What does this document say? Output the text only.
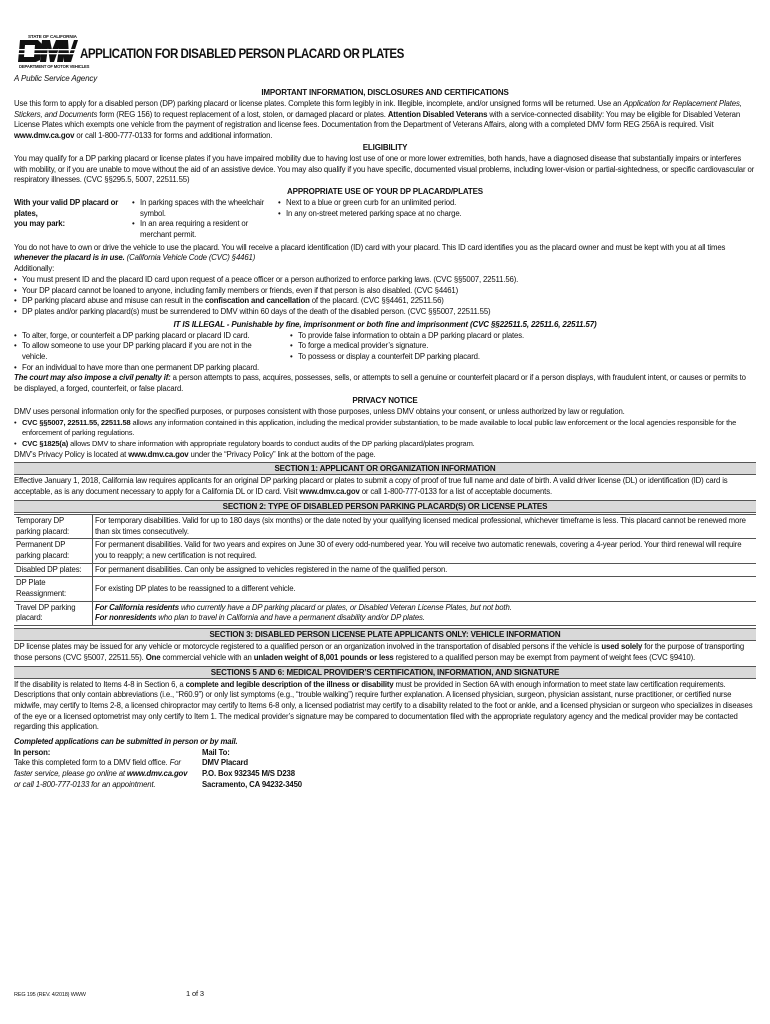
STATE OF CALIFORNIA
DEPARTMENT OF MOTOR VEHICLES
APPLICATION FOR DISABLED PERSON PLACARD OR PLATES
A Public Service Agency
IMPORTANT INFORMATION, DISCLOSURES AND CERTIFICATIONS

Use this form to apply for a disabled person (DP) parking placard or license plates. Complete this form legibly in ink. Illegible, incomplete, and/or unsigned forms will be returned. Use an Application for Replacement Plates, Stickers, and Documents form (REG 156) to request replacement of a lost, stolen, or damaged placard or plates. Attention Disabled Veterans with a service-connected disability: You may be eligible for Disabled Veteran License Plates which exempts one vehicle from the payment of registration and license fees. Documentation from the Department of Veterans Affairs, along with a completed DMV form REG 256A is required. Visit www.dmv.ca.gov or call 1-800-777-0133 for forms and additional information.

ELIGIBILITY

You may qualify for a DP parking placard or license plates if you have impaired mobility due to having lost use of one or more lower extremities, both hands, have a diagnosed disease that substantially impairs or interferes with mobility, or if you are unable to move without the aid of an assistive device. You may also qualify if you have specific, documented visual problems, including lower-vision or partial-sightedness, or specific cardiovascular or respiratory illnesses. (CVC §§295.5, 5007, 22511.55)

APPROPRIATE USE OF YOUR DP PLACARD/PLATES
With your valid DP placard or plates,
you may park:
• In parking spaces with the wheelchair symbol.
• In an area requiring a resident or merchant permit.
• Next to a blue or green curb for an unlimited period.
• In any on-street metered parking space at no charge.

You do not have to own or drive the vehicle to use the placard. You will receive a placard identification (ID) card with your placard. This ID card identifies you as the placard owner and must be kept with you at all times whenever the placard is in use. (California Vehicle Code (CVC) §4461)

Additionally:

• You must present ID and the placard ID card upon request of a peace officer or a person authorized to enforce parking laws. (CVC §§5007, 22511.56).
• Your DP placard cannot be loaned to anyone, including family members or friends, even if that person is also disabled. (CVC §4461)
• DP parking placard abuse and misuse can result in the confiscation and cancellation of the placard. (CVC §§4461, 22511.56)
• DP plates and/or parking placard(s) must be surrendered to DMV within 60 days of the death of the disabled person. (CVC §§5007, 22511.55)
IT IS ILLEGAL - Punishable by fine, imprisonment or both fine and imprisonment (CVC §§22511.5, 22511.6, 22511.57)
• To alter, forge, or counterfeit a DP parking placard or placard ID card.
• To allow someone to use your DP parking placard if you are not in the vehicle.
• For an individual to have more than one permanent DP parking placard.
• To provide false information to obtain a DP parking placard or plates.
• To forge a medical provider’s signature.
• To possess or display a counterfeit DP parking placard.

The court may also impose a civil penalty if: a person attempts to pass, acquires, possesses, sells, or attempts to sell a genuine or counterfeit placard or if a person displays, with fraudulent intent, or causes or permits to be displayed, a forged, counterfeit, or false placard.

PRIVACY NOTICE

DMV uses personal information only for the specified purposes, or purposes consistent with those purposes, unless DMV obtains your consent, or unless authorized by law or regulation.

• CVC §§5007, 22511.55, 22511.58 allows any information contained in this application, including the medical provider substantiation, to be made available to local public law enforcement or the local agencies responsible for the enforcement of parking regulations.
• CVC §1825(a) allows DMV to share information with appropriate regulatory boards to conduct audits of the DP parking placard/plates program.

DMV’s Privacy Policy is located at www.dmv.ca.gov under the “Privacy Policy” link at the bottom of the page.

SECTION 1: APPLICANT OR ORGANIZATION INFORMATION

Effective January 1, 2018, California law requires applicants for an original DP parking placard or plates to submit a copy of proof of true full name and date of birth. A valid driver license (DL) or identification (ID) card is acceptable, as is any document necessary to apply for a California DL or ID card. Visit www.dmv.ca.gov or call 1-800-777-0133 for a list of acceptable documents.

SECTION 2: TYPE OF DISABLED PERSON PARKING PLACARD(S) OR LICENSE PLATES
Temporary DP parking placard:	For temporary disabilities. Valid for up to 180 days (six months) or the date noted by your qualifying licensed medical professional, whichever timeframe is less. This placard cannot be renewed more than six times consecutively.
Permanent DP parking placard:	For permanent disabilities. Valid for two years and expires on June 30 of every odd-numbered year. You will receive two automatic renewals, covering a 4-year period. Your third renewal will require you to reapply; a new certification is not required.
Disabled DP plates:	For permanent disabilities. Can only be assigned to vehicles registered in the name of the qualified person.
DP Plate Reassignment:	For existing DP plates to be reassigned to a different vehicle.
Travel DP parking placard:	For California residents who currently have a DP parking placard or plates, or Disabled Veteran License Plates, but not both.
For nonresidents who plan to travel in California and have a permanent disability and/or DP plates.
SECTION 3: DISABLED PERSON LICENSE PLATE APPLICANTS ONLY: VEHICLE INFORMATION

DP license plates may be issued for any vehicle or motorcycle registered to a qualified person or an organization involved in the transportation of disabled persons if the vehicle is used solely for the purpose of transporting those persons (CVC §5007, 22511.55). One commercial vehicle with an unladen weight of 8,001 pounds or less registered to a qualified person may be exempt from payment of weight fees (CVC §9410).

SECTIONS 5 AND 6: MEDICAL PROVIDER’S CERTIFICATION, INFORMATION, AND SIGNATURE

If the disability is related to Items 4-8 in Section 6, a complete and legible description of the illness or disability must be provided in Section 6A with enough information to meet state law certification requirements. Descriptions that only contain abbreviations (i.e., “R60.9”) or only list symptoms (e.g., “trouble walking”) require further explanation. A licensed physician, surgeon, physician assistant, nurse practitioner, or certified nurse midwife, may certify to Items 2-8, a licensed chiropractor may certify to Items 6-8 only, a licensed podiatrist may certify to a disability related to the foot or ankle, and a licensed physician or surgeon who specializes in diseases of the eye or a licensed optometrist may only certify to Item 1. The medical provider’s signature may be compared to documentation filed with the appropriate regulatory agency and the medical provider may be contacted regarding this application.

Completed applications can be submitted in person or by mail.

In person:
Take this completed form to a DMV field office. For faster service, please go online at www.dmv.ca.gov or call 1-800-777-0133 for an appointment.
Mail To:
DMV Placard
P.O. Box 932345 M/S D238
Sacramento, CA 94232-3450
REG 195 (REV. 4/2018) WWW	1 of 3
